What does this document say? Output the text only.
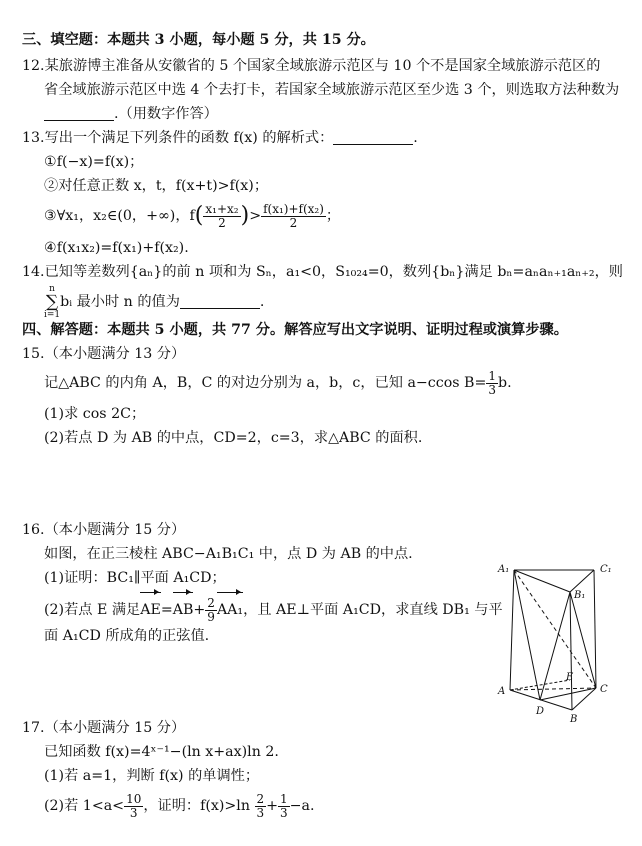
三、填空题：本题共 3 小题，每小题 5 分，共 15 分。
12.某旅游博主准备从安徽省的 5 个国家全域旅游示范区与 10 个不是国家全域旅游示范区的
省全域旅游示范区中选 4 个去打卡，若国家全域旅游示范区至少选 3 个，则选取方法种数为
.（用数字作答）
13.写出一个满足下列条件的函数 f(x) 的解析式：	.
①f(−x)=f(x)；
②对任意正数 x，t，f(x+t)>f(x)；
③∀x₁，x₂∈(0，+∞)，$f( \frac{\text{x₁+x₂}}{2}$ )> $\frac{\text{f(x₁)+f(x₂)}}{2}$ ；
④f(x₁x₂)=f(x₁)+f(x₂).
14.已知等差数列{aₙ}的前 n 项和为 Sₙ，a₁<0，S₁₀₂₄=0，数列{bₙ}满足 bₙ=aₙaₙ₊₁aₙ₊₂，则
n
∑
i=1bᵢ 最小时 n 的值为	.
四、解答题：本题共 5 小题，共 77 分。解答应写出文字说明、证明过程或演算步骤。
15.（本小题满分 13 分）
记△ABC 的内角 A，B，C 的对边分别为 a，b，c，已知 a−ccos $B= \frac{1}{3} b$.
(1)求 cos 2C；
(2)若点 D 为 AB 的中点，CD=2，c=3，求△ABC 的面积.
16.（本小题满分 15 分）
如图，在正三棱柱 ABC−A₁B₁C₁ 中，点 D 为 AB 的中点.
(1)证明：BC₁∥平面 A₁CD；
(2)若点 E 满足$AE=AB+ \frac{2}{9} AA_1$，且 AE⊥平面 A₁CD，求直线 DB₁ 与平
面 A₁CD 所成角的正弦值.
A₁	C₁
B₁
E
A	C
D
B
17.（本小题满分 15 分）
已知函数 f(x)=4ˣ⁻¹−(ln x+ax)ln 2.
(1)若 a=1，判断 f(x) 的单调性；
(2)若 $1<a< \frac{10}{3}$ ，证明：$f(x)>\ln \frac{2}{3} + \frac{1}{3} -a$.
